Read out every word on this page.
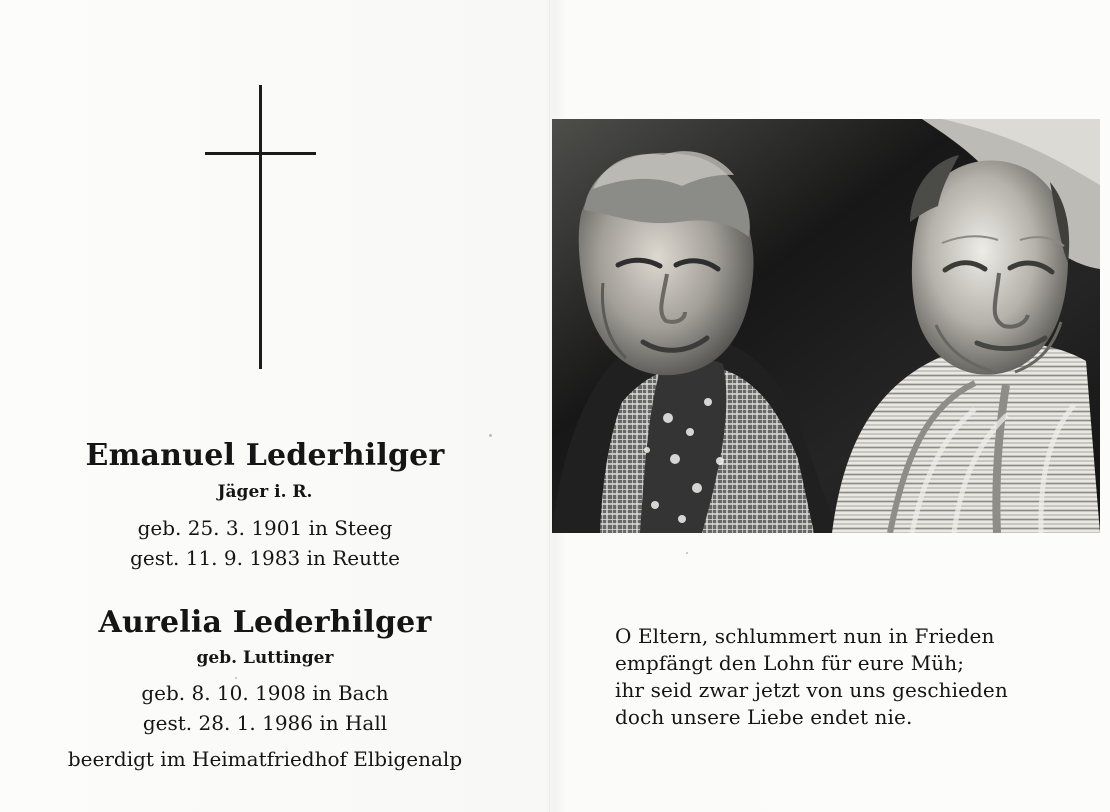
Emanuel Lederhilger
Jäger i. R.
geb. 25. 3. 1901 in Steeg
gest. 11. 9. 1983 in Reutte
Aurelia Lederhilger
geb. Luttinger
geb. 8. 10. 1908 in Bach
gest. 28. 1. 1986 in Hall
beerdigt im Heimatfriedhof Elbigenalp
O Eltern, schlummert nun in Frieden
empfängt den Lohn für eure Müh;
ihr seid zwar jetzt von uns geschieden
doch unsere Liebe endet nie.
